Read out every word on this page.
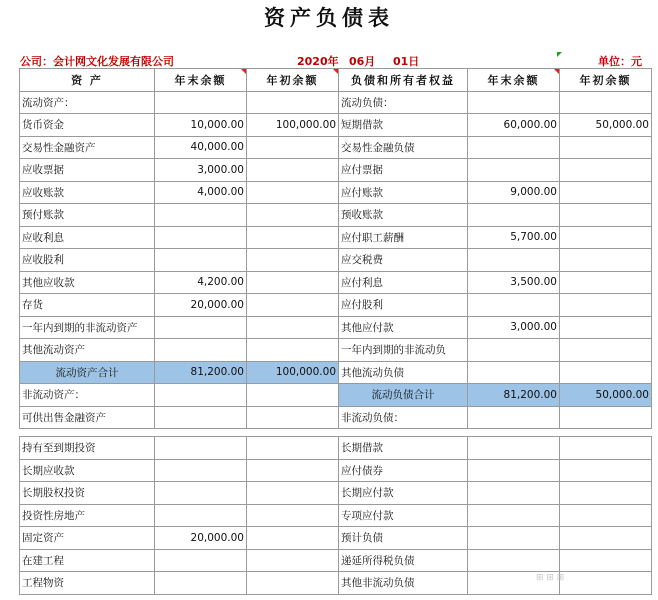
资产负债表
公司：会计网文化发展有限公司	2020年 06月 01日	单位：元
资 产	年末余额	年初余额	负债和所有者权益	年末余额	年初余额
流动资产：			流动负债：		
货币资金	10,000.00	100,000.00	短期借款	60,000.00	50,000.00
交易性金融资产	40,000.00		交易性金融负债		
应收票据	3,000.00		应付票据		
应收账款	4,000.00		应付账款	9,000.00	
预付账款			预收账款		
应收利息			应付职工薪酬	5,700.00	
应收股利			应交税费		
其他应收款	4,200.00		应付利息	3,500.00	
存货	20,000.00		应付股利		
一年内到期的非流动资产			其他应付款	3,000.00	
其他流动资产			一年内到期的非流动负		
流动资产合计	81,200.00	100,000.00	其他流动负债		
非流动资产：			流动负债合计	81,200.00	50,000.00
可供出售金融资产			非流动负债：		

持有至到期投资			长期借款		
长期应收款			应付债券		
长期股权投资			长期应付款		
投资性房地产			专项应付款		
固定资产	20,000.00		预计负债		
在建工程			递延所得税负债		
工程物资			其他非流动负债			⊞ ⊞ ⊞
